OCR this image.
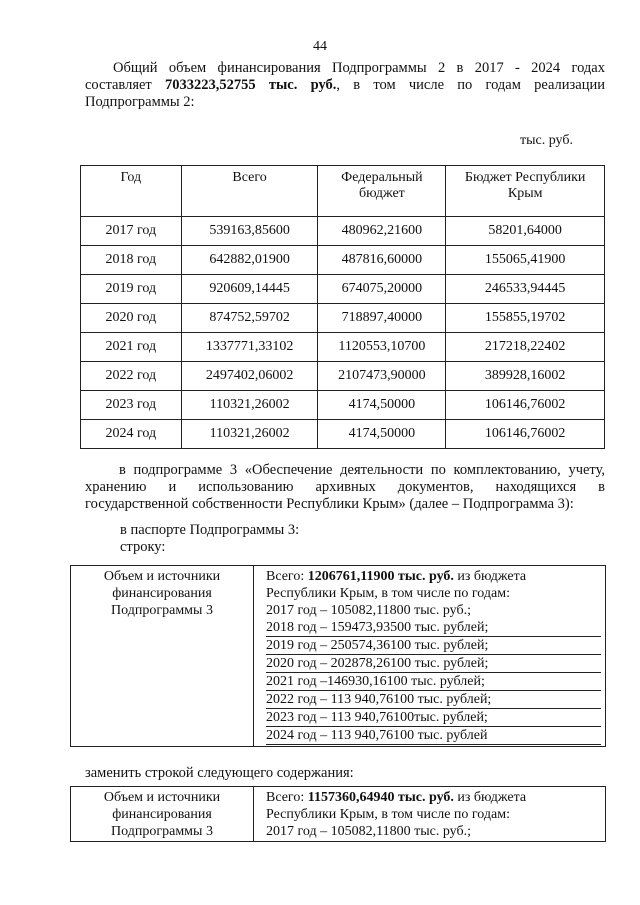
44
Общий объем финансирования Подпрограммы 2 в 2017 - 2024 годах
составляет 7033223,52755 тыс. руб., в том числе по годам реализации
Подпрограммы 2:
тыс. руб.
Год	Всего	Федеральный бюджет	Бюджет Республики Крым
2017 год	539163,85600	480962,21600	58201,64000
2018 год	642882,01900	487816,60000	155065,41900
2019 год	920609,14445	674075,20000	246533,94445
2020 год	874752,59702	718897,40000	155855,19702
2021 год	1337771,33102	1120553,10700	217218,22402
2022 год	2497402,06002	2107473,90000	389928,16002
2023 год	110321,26002	4174,50000	106146,76002
2024 год	110321,26002	4174,50000	106146,76002
в подпрограмме 3 «Обеспечение деятельности по комплектованию, учету,
хранению и использованию архивных документов, находящихся в
государственной собственности Республики Крым» (далее – Подпрограмма 3):
в паспорте Подпрограммы 3:
строку:
Объем и источники финансирования Подпрограммы 3	
Всего: 1206761,11900 тыс. руб. из бюджета
Республики Крым, в том числе по годам:
2017 год – 105082,11800 тыс. руб.;
2018 год – 159473,93500 тыс. рублей;
2019 год – 250574,36100 тыс. рублей;
2020 год – 202878,26100 тыс. рублей;
2021 год –146930,16100 тыс. рублей;
2022 год – 113 940,76100 тыс. рублей;
2023 год – 113 940,76100тыс. рублей;
2024 год – 113 940,76100 тыс. рублей
заменить строкой следующего содержания:
Объем и источники финансирования Подпрограммы 3	
Всего: 1157360,64940 тыс. руб. из бюджета
Республики Крым, в том числе по годам:
2017 год – 105082,11800 тыс. руб.;
